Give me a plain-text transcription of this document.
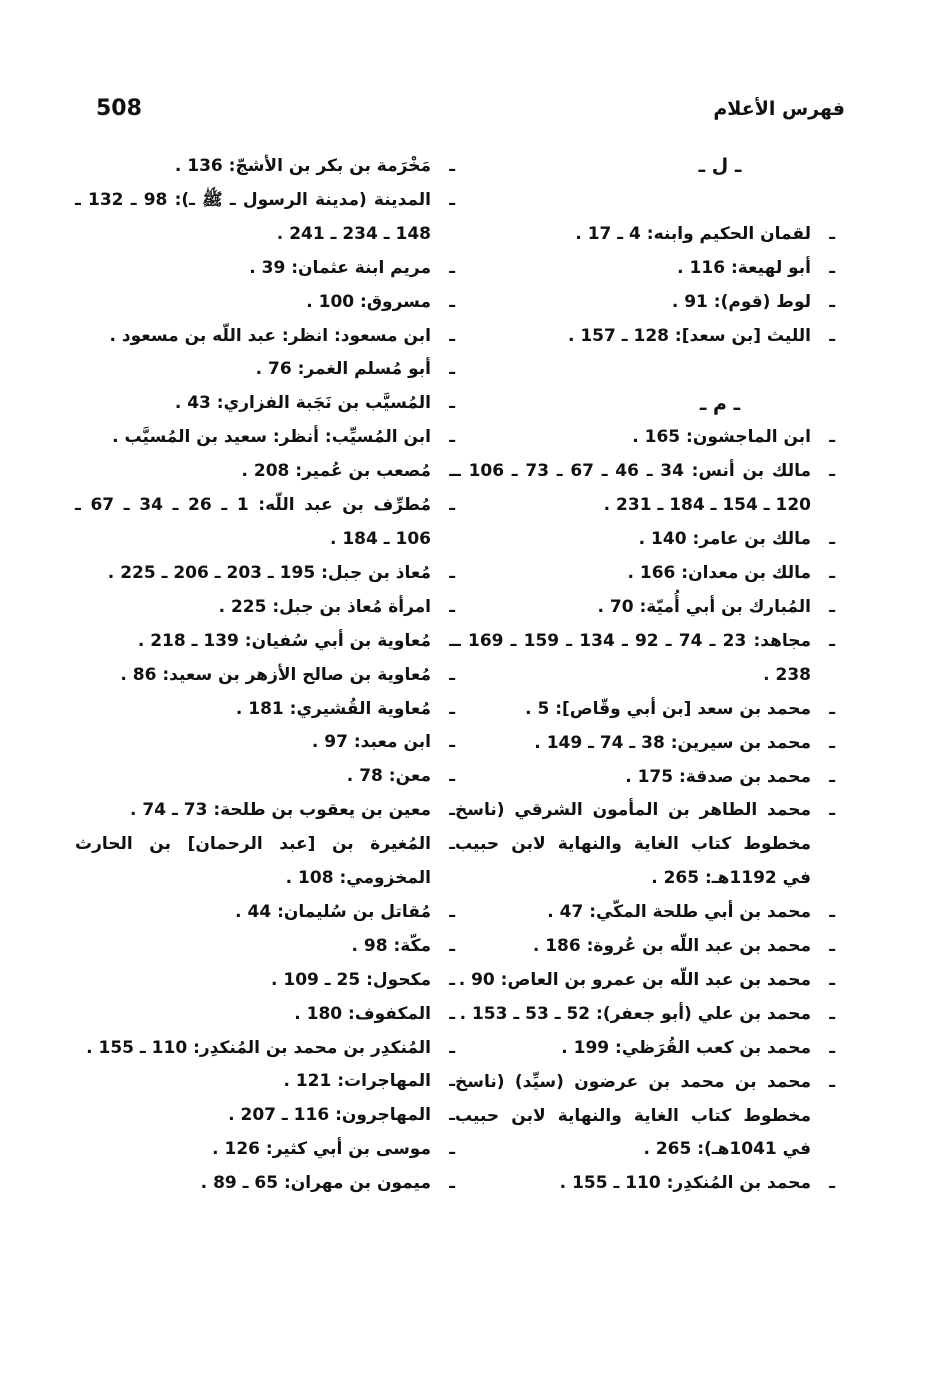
فهرس الأعلام
508

ـ ل ـ

ـ
لقمان الحكيم وابنه: 4 ـ 17 .

ـ
أبو لهيعة: 116 .

ـ
لوط (قوم): 91 .

ـ
الليث [بن سعد]: 128 ـ 157 .

ـ م ـ

ـ
ابن الماجشون: 165 .

ـ
مالك بن أنس: 34 ـ 46 ـ 67 ـ 73 ـ 106 ـ 120 ـ 154 ـ 184 ـ 231 .

ـ
مالك بن عامر: 140 .

ـ
مالك بن معدان: 166 .

ـ
المُبارك بن أبي أُميّة: 70 .

ـ
مجاهد: 23 ـ 74 ـ 92 ـ 134 ـ 159 ـ 169 ـ 238 .

ـ
محمد بن سعد [بن أبي وقّاص]: 5 .

ـ
محمد بن سيرين: 38 ـ 74 ـ 149 .

ـ
محمد بن صدقة: 175 .

ـ
محمد الطاهر بن المأمون الشرقي (ناسخ مخطوط كتاب الغاية والنهاية لابن حبيب في 1192هـ: 265 .

ـ
محمد بن أبي طلحة المكّي: 47 .

ـ
محمد بن عبد اللّه بن عُروة: 186 .

ـ
محمد بن عبد اللّه بن عمرو بن العاص: 90 .

ـ
محمد بن علي (أبو جعفر): 52 ـ 53 ـ 153 .

ـ
محمد بن كعب القُرَظي: 199 .

ـ
محمد بن محمد بن عرضون (سيِّد) (ناسخ مخطوط كتاب الغاية والنهاية لابن حبيب في 1041هـ): 265 .

ـ
محمد بن المُنكدِر: 110 ـ 155 .

ـ
مَخْرَمة بن بكر بن الأشجّ: 136 .

ـ
المدينة (مدينة الرسول ـ ﷺ ـ): 98 ـ 132 ـ 148 ـ 234 ـ 241 .

ـ
مريم ابنة عثمان: 39 .

ـ
مسروق: 100 .

ـ
ابن مسعود: انظر: عبد اللّه بن مسعود .

ـ
أبو مُسلم الغمر: 76 .

ـ
المُسيَّب بن نَجَبة الفزاري: 43 .

ـ
ابن المُسيِّب: أنظر: سعيد بن المُسيَّب .

ـ
مُصعب بن عُمير: 208 .

ـ
مُطرِّف بن عبد اللّه: 1 ـ 26 ـ 34 ـ 67 ـ 106 ـ 184 .

ـ
مُعاذ بن جبل: 195 ـ 203 ـ 206 ـ 225 .

ـ
امرأة مُعاذ بن جبل: 225 .

ـ
مُعاوية بن أبي سُفيان: 139 ـ 218 .

ـ
مُعاوية بن صالح الأزهر بن سعيد: 86 .

ـ
مُعاوية القُشيري: 181 .

ـ
ابن معبد: 97 .

ـ
معن: 78 .

ـ
معين بن يعقوب بن طلحة: 73 ـ 74 .

ـ
المُغيرة بن [عبد الرحمان] بن الحارث المخزومي: 108 .

ـ
مُقاتل بن سُليمان: 44 .

ـ
مكّة: 98 .

ـ
مكحول: 25 ـ 109 .

ـ
المكفوف: 180 .

ـ
المُنكدِر بن محمد بن المُنكدِر: 110 ـ 155 .

ـ
المهاجرات: 121 .

ـ
المهاجرون: 116 ـ 207 .

ـ
موسى بن أبي كثير: 126 .

ـ
ميمون بن مهران: 65 ـ 89 .
